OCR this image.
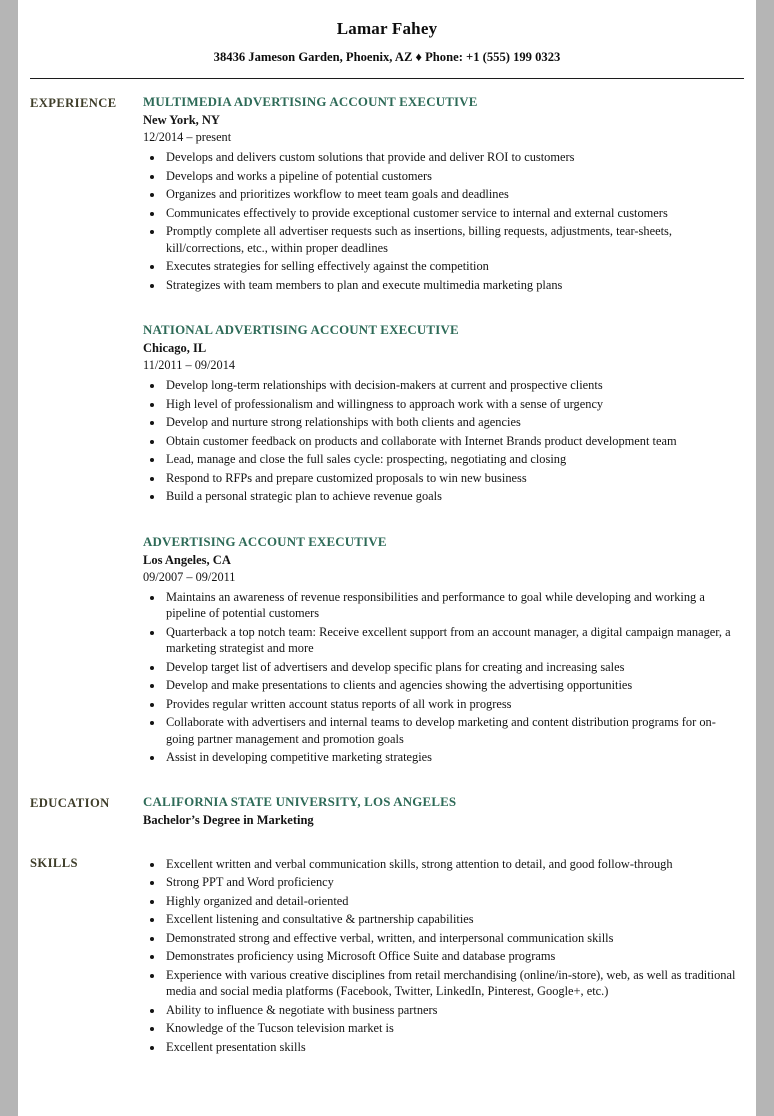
Lamar Fahey
38436 Jameson Garden, Phoenix, AZ ♦ Phone: +1 (555) 199 0323
EXPERIENCE	MULTIMEDIA ADVERTISING ACCOUNT EXECUTIVE
New York, NY
12/2014 – present
• Develops and delivers custom solutions that provide and deliver ROI to customers
• Develops and works a pipeline of potential customers
• Organizes and prioritizes workflow to meet team goals and deadlines
• Communicates effectively to provide exceptional customer service to internal and external customers
• Promptly complete all advertiser requests such as insertions, billing requests, adjustments, tear-sheets, kill/corrections, etc., within proper deadlines
• Executes strategies for selling effectively against the competition
• Strategizes with team members to plan and execute multimedia marketing plans
NATIONAL ADVERTISING ACCOUNT EXECUTIVE
Chicago, IL
11/2011 – 09/2014
• Develop long-term relationships with decision-makers at current and prospective clients
• High level of professionalism and willingness to approach work with a sense of urgency
• Develop and nurture strong relationships with both clients and agencies
• Obtain customer feedback on products and collaborate with Internet Brands product development team
• Lead, manage and close the full sales cycle: prospecting, negotiating and closing
• Respond to RFPs and prepare customized proposals to win new business
• Build a personal strategic plan to achieve revenue goals
ADVERTISING ACCOUNT EXECUTIVE
Los Angeles, CA
09/2007 – 09/2011
• Maintains an awareness of revenue responsibilities and performance to goal while developing and working a pipeline of potential customers
• Quarterback a top notch team: Receive excellent support from an account manager, a digital campaign manager, a marketing strategist and more
• Develop target list of advertisers and develop specific plans for creating and increasing sales
• Develop and make presentations to clients and agencies showing the advertising opportunities
• Provides regular written account status reports of all work in progress
• Collaborate with advertisers and internal teams to develop marketing and content distribution programs for on-going partner management and promotion goals
• Assist in developing competitive marketing strategies
EDUCATION	CALIFORNIA STATE UNIVERSITY, LOS ANGELES
Bachelor’s Degree in Marketing
SKILLS	• Excellent written and verbal communication skills, strong attention to detail, and good follow-through
• Strong PPT and Word proficiency
• Highly organized and detail-oriented
• Excellent listening and consultative & partnership capabilities
• Demonstrated strong and effective verbal, written, and interpersonal communication skills
• Demonstrates proficiency using Microsoft Office Suite and database programs
• Experience with various creative disciplines from retail merchandising (online/in-store), web, as well as traditional media and social media platforms (Facebook, Twitter, LinkedIn, Pinterest, Google+, etc.)
• Ability to influence & negotiate with business partners
• Knowledge of the Tucson television market is
• Excellent presentation skills
